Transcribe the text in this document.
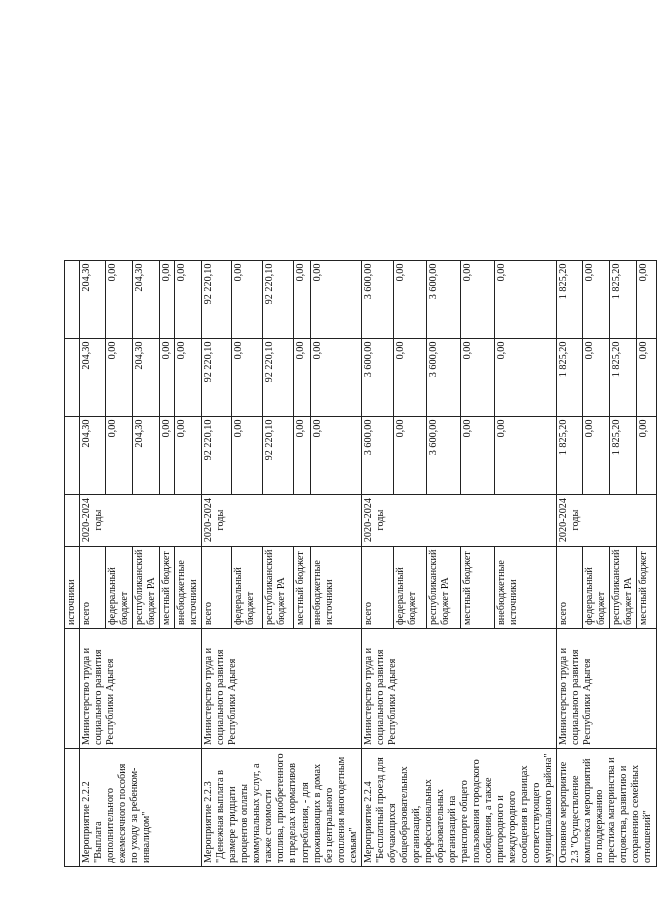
		источники				
Мероприятие 2.2.2 "Выплата дополнительного ежемесячного пособия по уходу за ребенком-инвалидом"	Министерство труда и социального развития Республики Адыгея	всего	2020-2024 годы	204,30	204,30	204,30
		федеральный бюджет		0,00	0,00	0,00
		республиканский бюджет РА		204,30	204,30	204,30
		местный бюджет		0,00	0,00	0,00
		внебюджетные источники		0,00	0,00	0,00
Мероприятие 2.2.3 "Денежная выплата в размере тридцати процентов оплаты коммунальных услуг, а также стоимости топлива, приобретенного в пределах нормативов потребления, - для проживающих в домах без центрального отопления многодетным семьям"	Министерство труда и социального развития Республики Адыгея	всего	2020-2024 годы	92 220,10	92 220,10	92 220,10
		федеральный бюджет		0,00	0,00	0,00
		республиканский бюджет РА		92 220,10	92 220,10	92 220,10
		местный бюджет		0,00	0,00	0,00
		внебюджетные источники		0,00	0,00	0,00
Мероприятие 2.2.4 "Бесплатный проезд для обучающихся общеобразовательных организаций, профессиональных образовательных организаций на транспорте общего пользования городского сообщения, а также пригородного и междугородного сообщения в границах соответствующего муниципального района"	Министерство труда и социального развития Республики Адыгея	всего	2020-2024 годы	3 600,00	3 600,00	3 600,00
		федеральный бюджет		0,00	0,00	0,00
		республиканский бюджет РА		3 600,00	3 600,00	3 600,00
		местный бюджет		0,00	0,00	0,00
		внебюджетные источники		0,00	0,00	0,00
Основное мероприятие 2.3 "Осуществление комплекса мероприятий по поддержанию престижа материнства и отцовства, развитию и сохранению семейных отношений"	Министерство труда и социального развития Республики Адыгея	всего	2020-2024 годы	1 825,20	1 825,20	1 825,20
		федеральный бюджет		0,00	0,00	0,00
		республиканский бюджет РА		1 825,20	1 825,20	1 825,20
		местный бюджет		0,00	0,00	0,00
